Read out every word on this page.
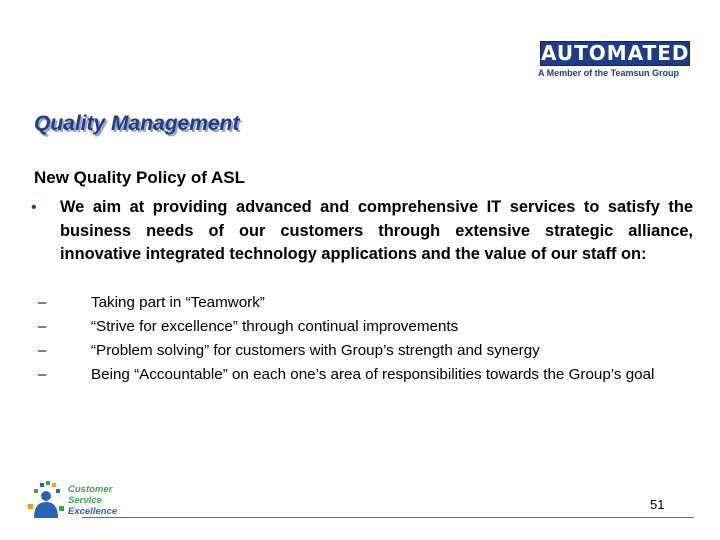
AUTOMATED
A Member of the Teamsun Group
Quality Management
New Quality Policy of ASL
• We aim at providing advanced and comprehensive IT services to satisfy the business needs of our customers through extensive strategic alliance, innovative integrated technology applications and the value of our staff on:
–	Taking part in “Teamwork”
–	“Strive for excellence” through continual improvements
–	“Problem solving” for customers with Group’s strength and synergy
–	Being “Accountable” on each one’s area of responsibilities towards the Group’s goal
Customer
Service
Excellence	51
